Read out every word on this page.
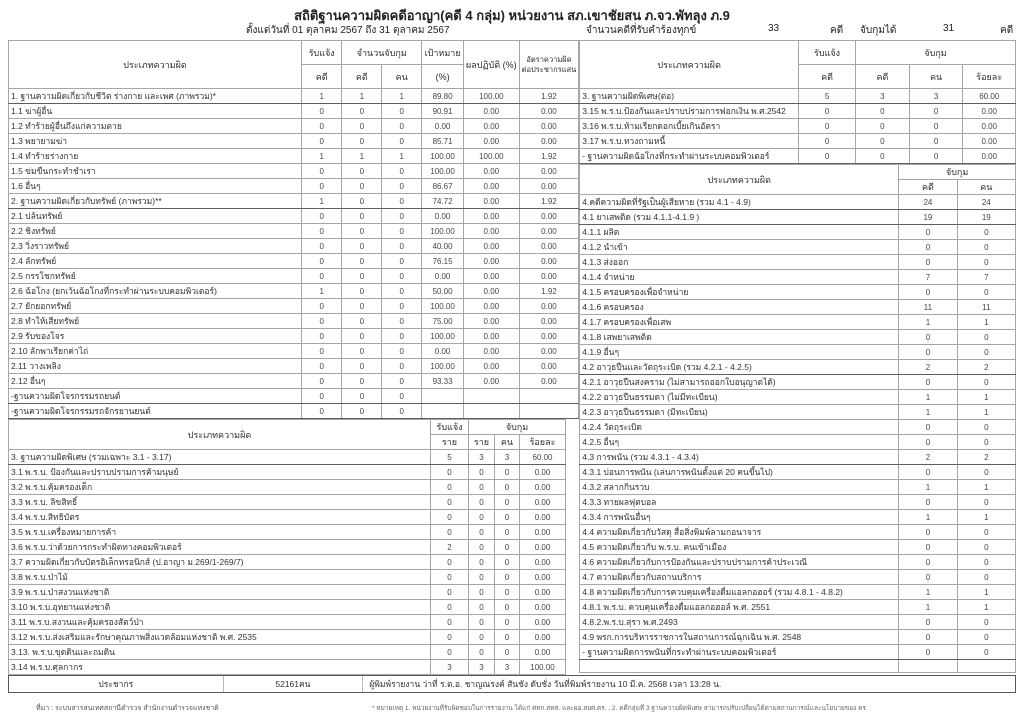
สถิติฐานความผิดคดีอาญา(คดี 4 กลุ่ม) หน่วยงาน สภ.เขาชัยสน ภ.จว.พัทลุง ภ.9
ตั้งแต่วันที่ 01 ตุลาคม 2567 ถึง 31 ตุลาคม 2567	จำนวนคดีที่รับคำร้องทุกข์	33	คดี จับกุมได้	31	คดี
ประเภทความผิด	รับแจ้ง	จำนวนจับกุม		เป้าหมาย	ผลปฏิบัติ (%)	อัตราความผิด
ต่อประชากรแสน
	คดี	คดี	คน	(%)		
1. ฐานความผิดเกี่ยวกับชีวิต ร่างกาย และเพศ (ภาพรวม)*	1	1	1	89.80	100.00	1.92
1.1 ฆ่าผู้อื่น	0	0	0	90.91	0.00	0.00
1.2 ทำร้ายผู้อื่นถึงแก่ความตาย	0	0	0	0.00	0.00	0.00
1.3 พยายามฆ่า	0	0	0	85.71	0.00	0.00
1.4 ทำร้ายร่างกาย	1	1	1	100.00	100.00	1.92
1.5 ข่มขืนกระทำชำเรา	0	0	0	100.00	0.00	0.00
1.6 อื่นๆ	0	0	0	86.67	0.00	0.00
2. ฐานความผิดเกี่ยวกับทรัพย์ (ภาพรวม)**	1	0	0	74.72	0.00	1.92
2.1 ปล้นทรัพย์	0	0	0	0.00	0.00	0.00
2.2 ชิงทรัพย์	0	0	0	100.00	0.00	0.00
2.3 วิ่งราวทรัพย์	0	0	0	40.00	0.00	0.00
2.4 ลักทรัพย์	0	0	0	76.15	0.00	0.00
2.5 กรรโชกทรัพย์	0	0	0	0.00	0.00	0.00
2.6 ฉ้อโกง (ยกเว้นฉ้อโกงที่กระทำผ่านระบบคอมพิวเตอร์)	1	0	0	50.00	0.00	1.92
2.7 ยักยอกทรัพย์	0	0	0	100.00	0.00	0.00
2.8 ทำให้เสียทรัพย์	0	0	0	75.00	0.00	0.00
2.9 รับของโจร	0	0	0	100.00	0.00	0.00
2.10 ลักพาเรียกค่าไถ่	0	0	0	0.00	0.00	0.00
2.11 วางเพลิง	0	0	0	100.00	0.00	0.00
2.12 อื่นๆ	0	0	0	93.33	0.00	0.00
-ฐานความผิดโจรกรรมรถยนต์	0	0	0			
-ฐานความผิดโจรกรรมรถจักรยานยนต์	0	0	0			
ประเภทความผิด	รับแจ้ง	จับกุม		
	ราย	ราย	คน	ร้อยละ
3. ฐานความผิดพิเศษ (รวมเฉพาะ 3.1 - 3.17)	5	3	3	60.00
3.1 พ.ร.บ. ป้องกันและปราบปรามการค้ามนุษย์	0	0	0	0.00
3.2 พ.ร.บ.คุ้มครองเด็ก	0	0	0	0.00
3.3 พ.ร.บ. ลิขสิทธิ์	0	0	0	0.00
3.4 พ.ร.บ.สิทธิบัตร	0	0	0	0.00
3.5 พ.ร.บ.เครื่องหมายการค้า	0	0	0	0.00
3.6 พ.ร.บ.ว่าด้วยการกระทำผิดทางคอมพิวเตอร์	2	0	0	0.00
3.7 ความผิดเกี่ยวกับบัตรอิเล็กทรอนิกส์ (ป.อาญา ม.269/1-269/7)	0	0	0	0.00
3.8 พ.ร.บ.ป่าไม้	0	0	0	0.00
3.9 พ.ร.บ.ป่าสงวนแห่งชาติ	0	0	0	0.00
3.10 พ.ร.บ.อุทยานแห่งชาติ	0	0	0	0.00
3.11 พ.ร.บ.สงวนและคุ้มครองสัตว์ป่า	0	0	0	0.00
3.12 พ.ร.บ.ส่งเสริมและรักษาคุณภาพสิ่งแวดล้อมแห่งชาติ พ.ศ. 2535	0	0	0	0.00
3.13. พ.ร.บ.ขุดดินและถมดิน	0	0	0	0.00
3.14 พ.ร.บ.ศุลกากร	3	3	3	100.00
ประเภทความผิด	รับแจ้ง	จับกุม		
	คดี	คดี	คน	ร้อยละ
3. ฐานความผิดพิเศษ(ต่อ)	5	3	3	60.00
3.15 พ.ร.บ.ป้องกันและปราบปรามการฟอกเงิน พ.ศ.2542	0	0	0	0.00
3.16 พ.ร.บ.ห้ามเรียกดอกเบี้ยเกินอัตรา	0	0	0	0.00
3.17 พ.ร.บ.ทวงถามหนี้	0	0	0	0.00
- ฐานความผิดฉ้อโกงที่กระทำผ่านระบบคอมพิวเตอร์	0	0	0	0.00
ประเภทความผิด	จับกุม	
	คดี	คน
4.คดีความผิดที่รัฐเป็นผู้เสียหาย (รวม 4.1 - 4.9)	24	24
4.1 ยาเสพติด (รวม 4.1.1-4.1.9 )	19	19
4.1.1 ผลิต	0	0
4.1.2 นำเข้า	0	0
4.1.3 ส่งออก	0	0
4.1.4 จำหน่าย	7	7
4.1.5 ครอบครองเพื่อจำหน่าย	0	0
4.1.6 ครอบครอง	11	11
4.1.7 ครอบครองเพื่อเสพ	1	1
4.1.8 เสพยาเสพติด	0	0
4.1.9 อื่นๆ	0	0
4.2 อาวุธปืนและวัตถุระเบิด (รวม 4.2.1 - 4.2.5)	2	2
4.2.1 อาวุธปืนสงคราม (ไม่สามารถออกใบอนุญาตได้)	0	0
4.2.2 อาวุธปืนธรรมดา (ไม่มีทะเบียน)	1	1
4.2.3 อาวุธปืนธรรมดา (มีทะเบียน)	1	1
4.2.4 วัตถุระเบิด	0	0
4.2.5 อื่นๆ	0	0
4.3 การพนัน (รวม 4.3.1 - 4.3.4)	2	2
4.3.1 บ่อนการพนัน (เล่นการพนันตั้งแต่ 20 คนขึ้นไป)	0	0
4.3.2 สลากกินรวบ	1	1
4.3.3 ทายผลฟุตบอล	0	0
4.3.4 การพนันอื่นๆ	1	1
4.4 ความผิดเกี่ยวกับวัสดุ สื่อสิ่งพิมพ์ลามกอนาจาร	0	0
4.5 ความผิดเกี่ยวกับ พ.ร.บ. คนเข้าเมือง	0	0
4.6 ความผิดเกี่ยวกับการป้องกันและปราบปรามการค้าประเวณี	0	0
4.7 ความผิดเกี่ยวกับสถานบริการ	0	0
4.8 ความผิดเกี่ยวกับการควบคุมเครื่องดื่มแอลกอฮอร์ (รวม 4.8.1 - 4.8.2)	1	1
4.8.1 พ.ร.บ. ควบคุมเครื่องดื่มแอลกอฮอล์ พ.ศ. 2551	1	1
4.8.2.พ.ร.บ.สุรา พ.ศ.2493	0	0
4.9 พรก.การบริหารราชการในสถานการณ์ฉุกเฉิน พ.ศ. 2548	0	0
- ฐานความผิดการพนันที่กระทำผ่านระบบคอมพิวเตอร์	0	0

ประชากร	52161คน	ผู้พิมพ์รายงาน ว่าที่ ร.ต.อ. ชาญณรงค์ สันชัง ดับชั่ง วันที่พิมพ์รายงาน 10 มี.ค. 2568 เวลา 13:28 น.
ที่มา : ระบบสารสนเทศสถานีตำรวจ สำนักงานตำรวจแห่งชาติ	* หมายเหตุ 1. หน่วยงานที่รับผิดชอบในการรายงาน ได้แก่ ศทก.สทส. และผอ.สยศ.ตร. , 2. คดีกลุ่มที่ 3 ฐานความผิดพิเศษ สามารถปรับเปลี่ยนได้ตามสถานการณ์และนโยบายของ ตร.
